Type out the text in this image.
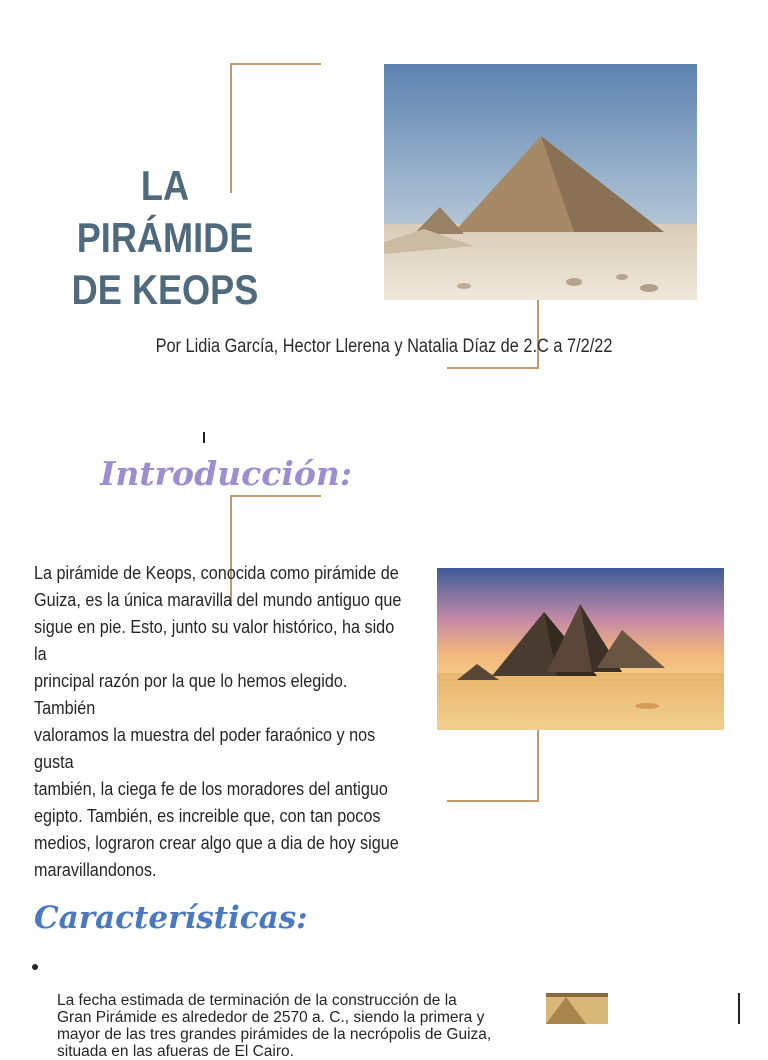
LA PIRÁMIDE
DE KEOPS
Por Lidia García, Hector Llerena y Natalia Díaz de 2.C a 7/2/22
Introducción:
La pirámide de Keops, conocida como pirámide de
Guiza, es la única maravilla del mundo antiguo que
sigue en pie. Esto, junto su valor histórico, ha sido la
principal razón por la que lo hemos elegido. También
valoramos la muestra del poder faraónico y nos gusta
también, la ciega fe de los moradores del antiguo
egipto. También, es increible que, con tan pocos
medios, lograron crear algo que a dia de hoy sigue
maravillandonos.
Características:

La fecha estimada de terminación de la construcción de la
Gran Pirámide es alrededor de 2570 a. C., siendo la primera y
mayor de las tres grandes pirámides de la necrópolis de Guiza,
situada en las afueras de El Cairo.
